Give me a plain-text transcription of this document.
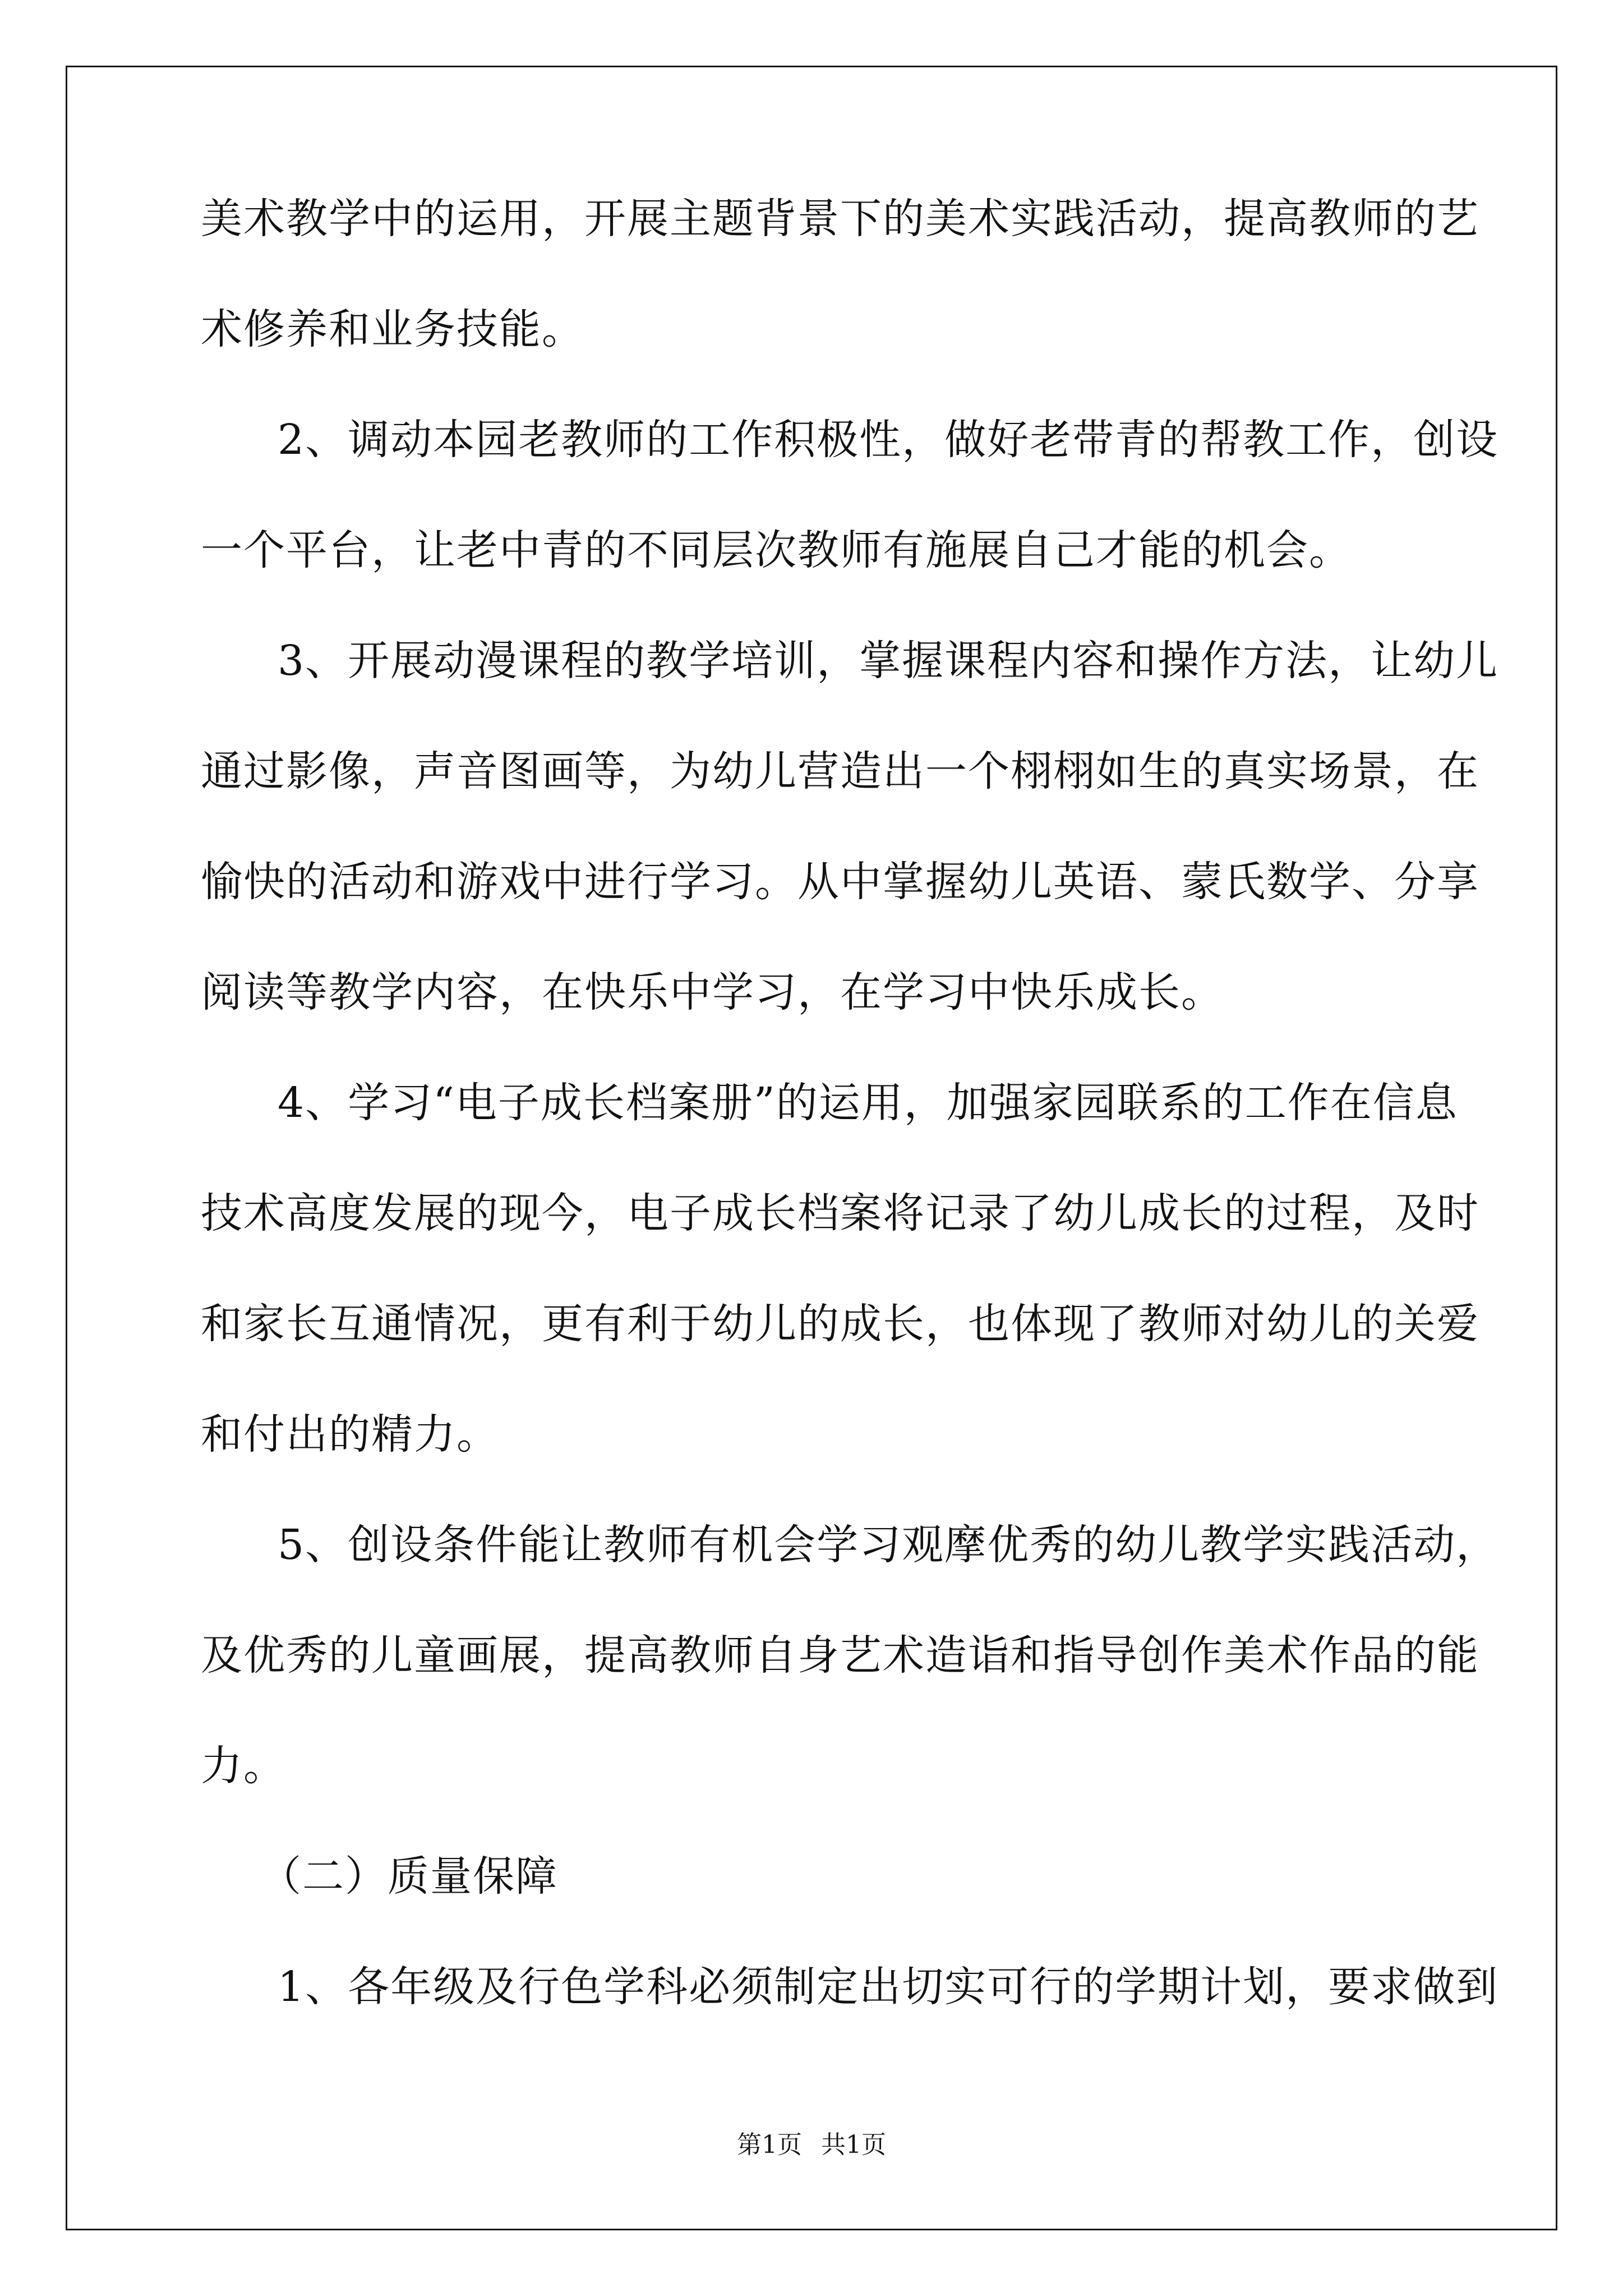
美术教学中的运用，开展主题背景下的美术实践活动，提高教师的艺
术修养和业务技能。
2、调动本园老教师的工作积极性，做好老带青的帮教工作，创设
一个平台，让老中青的不同层次教师有施展自己才能的机会。
3、开展动漫课程的教学培训，掌握课程内容和操作方法，让幼儿
通过影像，声音图画等，为幼儿营造出一个栩栩如生的真实场景，在
愉快的活动和游戏中进行学习。从中掌握幼儿英语、蒙氏数学、分享
阅读等教学内容，在快乐中学习，在学习中快乐成长。
4、学习“电子成长档案册”的运用，加强家园联系的工作在信息
技术高度发展的现今，电子成长档案将记录了幼儿成长的过程，及时
和家长互通情况，更有利于幼儿的成长，也体现了教师对幼儿的关爱
和付出的精力。
5、创设条件能让教师有机会学习观摩优秀的幼儿教学实践活动，
及优秀的儿童画展，提高教师自身艺术造诣和指导创作美术作品的能
力。
（二）质量保障
1、各年级及行色学科必须制定出切实可行的学期计划，要求做到
第1页 共1页
